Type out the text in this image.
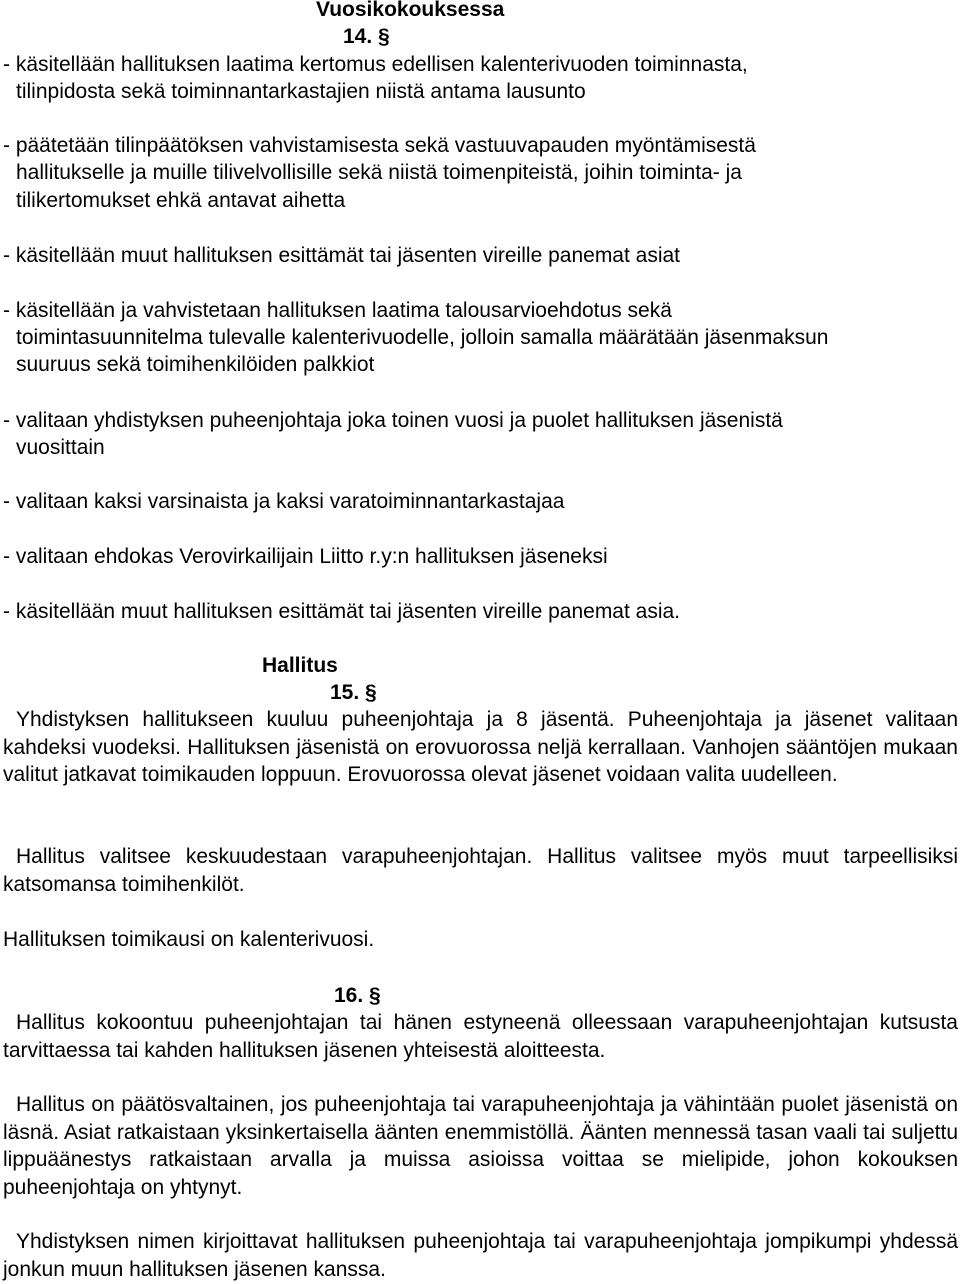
Vuosikokouksessa
14. §
- käsitellään hallituksen laatima kertomus edellisen kalenterivuoden toiminnasta,
tilinpidosta sekä toiminnantarkastajien niistä antama lausunto
- päätetään tilinpäätöksen vahvistamisesta sekä vastuuvapauden myöntämisestä
hallitukselle ja muille tilivelvollisille sekä niistä toimenpiteistä, joihin toiminta- ja
tilikertomukset ehkä antavat aihetta
- käsitellään muut hallituksen esittämät tai jäsenten vireille panemat asiat
- käsitellään ja vahvistetaan hallituksen laatima talousarvioehdotus sekä
toimintasuunnitelma tulevalle kalenterivuodelle, jolloin samalla määrätään jäsenmaksun
suuruus sekä toimihenkilöiden palkkiot
- valitaan yhdistyksen puheenjohtaja joka toinen vuosi ja puolet hallituksen jäsenistä
vuosittain
- valitaan kaksi varsinaista ja kaksi varatoiminnantarkastajaa
- valitaan ehdokas Verovirkailijain Liitto r.y:n hallituksen jäseneksi
- käsitellään muut hallituksen esittämät tai jäsenten vireille panemat asia.
Hallitus
15. §
Yhdistyksen hallitukseen kuuluu puheenjohtaja ja 8 jäsentä. Puheenjohtaja ja jäsenet valitaan kahdeksi vuodeksi. Hallituksen jäsenistä on erovuorossa neljä kerrallaan. Vanhojen sääntöjen mukaan valitut jatkavat toimikauden loppuun. Erovuorossa olevat jäsenet voidaan valita uudelleen.
Hallitus valitsee keskuudestaan varapuheenjohtajan. Hallitus valitsee myös muut tarpeellisiksi katsomansa toimihenkilöt.
Hallituksen toimikausi on kalenterivuosi.
16. §
Hallitus kokoontuu puheenjohtajan tai hänen estyneenä olleessaan varapuheenjohtajan kutsusta tarvittaessa tai kahden hallituksen jäsenen yhteisestä aloitteesta.
Hallitus on päätösvaltainen, jos puheenjohtaja tai varapuheenjohtaja ja vähintään puolet jäsenistä on läsnä. Asiat ratkaistaan yksinkertaisella äänten enemmistöllä. Äänten mennessä tasan vaali tai suljettu lippuäänestys ratkaistaan arvalla ja muissa asioissa voittaa se mielipide, johon kokouksen puheenjohtaja on yhtynyt.
Yhdistyksen nimen kirjoittavat hallituksen puheenjohtaja tai varapuheenjohtaja jompikumpi yhdessä jonkun muun hallituksen jäsenen kanssa.
